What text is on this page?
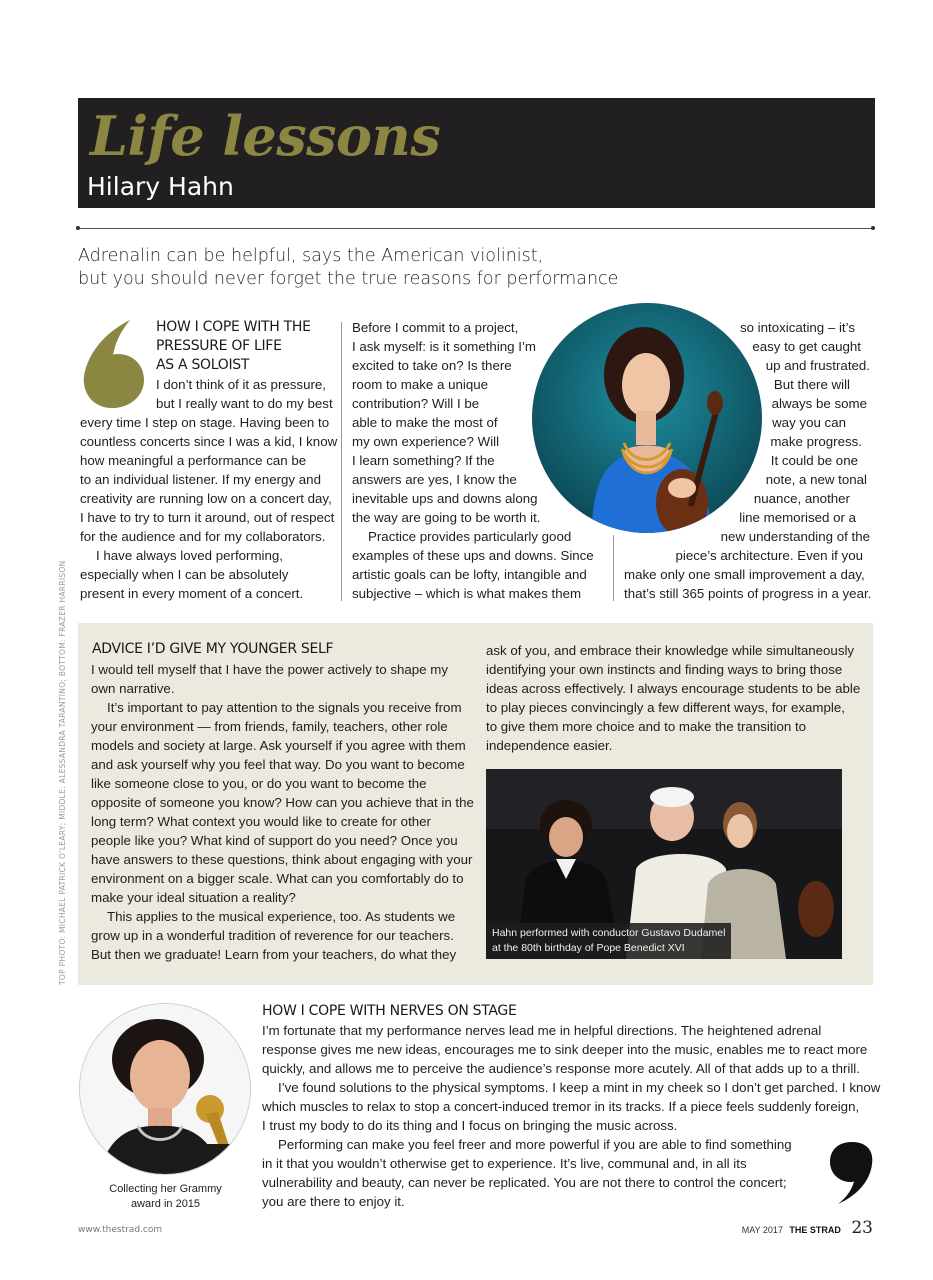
Life lessons
Hilary Hahn
Adrenalin can be helpful, says the American violinist,
but you should never forget the true reasons for performance
HOW I COPE WITH THE
PRESSURE OF LIFE
AS A SOLOIST
I don’t think of it as pressure,
but I really want to do my best
every time I step on stage. Having been to
countless concerts since I was a kid, I know
how meaningful a performance can be
to an individual listener. If my energy and
creativity are running low on a concert day,
I have to try to turn it around, out of respect
for the audience and for my collaborators.
I have always loved performing,
especially when I can be absolutely
present in every moment of a concert.
Before I commit to a project,
I ask myself: is it something I’m
excited to take on? Is there
room to make a unique
contribution? Will I be
able to make the most of
my own experience? Will
I learn something? If the
answers are yes, I know the
inevitable ups and downs along
the way are going to be worth it.
Practice provides particularly good
examples of these ups and downs. Since
artistic goals can be lofty, intangible and
subjective – which is what makes them
so intoxicating – it’s
easy to get caught
up and frustrated.
But there will
always be some
way you can
make progress.
It could be one
note, a new tonal
nuance, another
line memorised or a
new understanding of the
piece’s architecture. Even if you
make only one small improvement a day,
that’s still 365 points of progress in a year.
TOP PHOTO: MICHAEL PATRICK O’LEARY; MIDDLE: ALESSANDRA TARANTINO; BOTTOM: FRAZER HARRISON ADVICE I’D GIVE MY YOUNGER SELF
I would tell myself that I have the power actively to shape my
own narrative.
It’s important to pay attention to the signals you receive from
your environment — from friends, family, teachers, other role
models and society at large. Ask yourself if you agree with them
and ask yourself why you feel that way. Do you want to become
like someone close to you, or do you want to become the
opposite of someone you know? How can you achieve that in the
long term? What context you would like to create for other
people like you? What kind of support do you need? Once you
have answers to these questions, think about engaging with your
environment on a bigger scale. What can you comfortably do to
make your ideal situation a reality?
This applies to the musical experience, too. As students we
grow up in a wonderful tradition of reverence for our teachers.
But then we graduate! Learn from your teachers, do what they
ask of you, and embrace their knowledge while simultaneously
identifying your own instincts and finding ways to bring those
ideas across effectively. I always encourage students to be able
to play pieces convincingly a few different ways, for example,
to give them more choice and to make the transition to
independence easier.
Hahn performed with conductor Gustavo Dudamel
at the 80th birthday of Pope Benedict XVI
Collecting her Grammy
award in 2015
HOW I COPE WITH NERVES ON STAGE
I’m fortunate that my performance nerves lead me in helpful directions. The heightened adrenal
response gives me new ideas, encourages me to sink deeper into the music, enables me to react more
quickly, and allows me to perceive the audience’s response more acutely. All of that adds up to a thrill.
I’ve found solutions to the physical symptoms. I keep a mint in my cheek so I don’t get parched. I know
which muscles to relax to stop a concert-induced tremor in its tracks. If a piece feels suddenly foreign,
I trust my body to do its thing and I focus on bringing the music across.
Performing can make you feel freer and more powerful if you are able to find something
in it that you wouldn’t otherwise get to experience. It’s live, communal and, in all its
vulnerability and beauty, can never be replicated. You are not there to control the concert;
you are there to enjoy it.
www.thestrad.com	MAY 2017 THE STRAD 23
